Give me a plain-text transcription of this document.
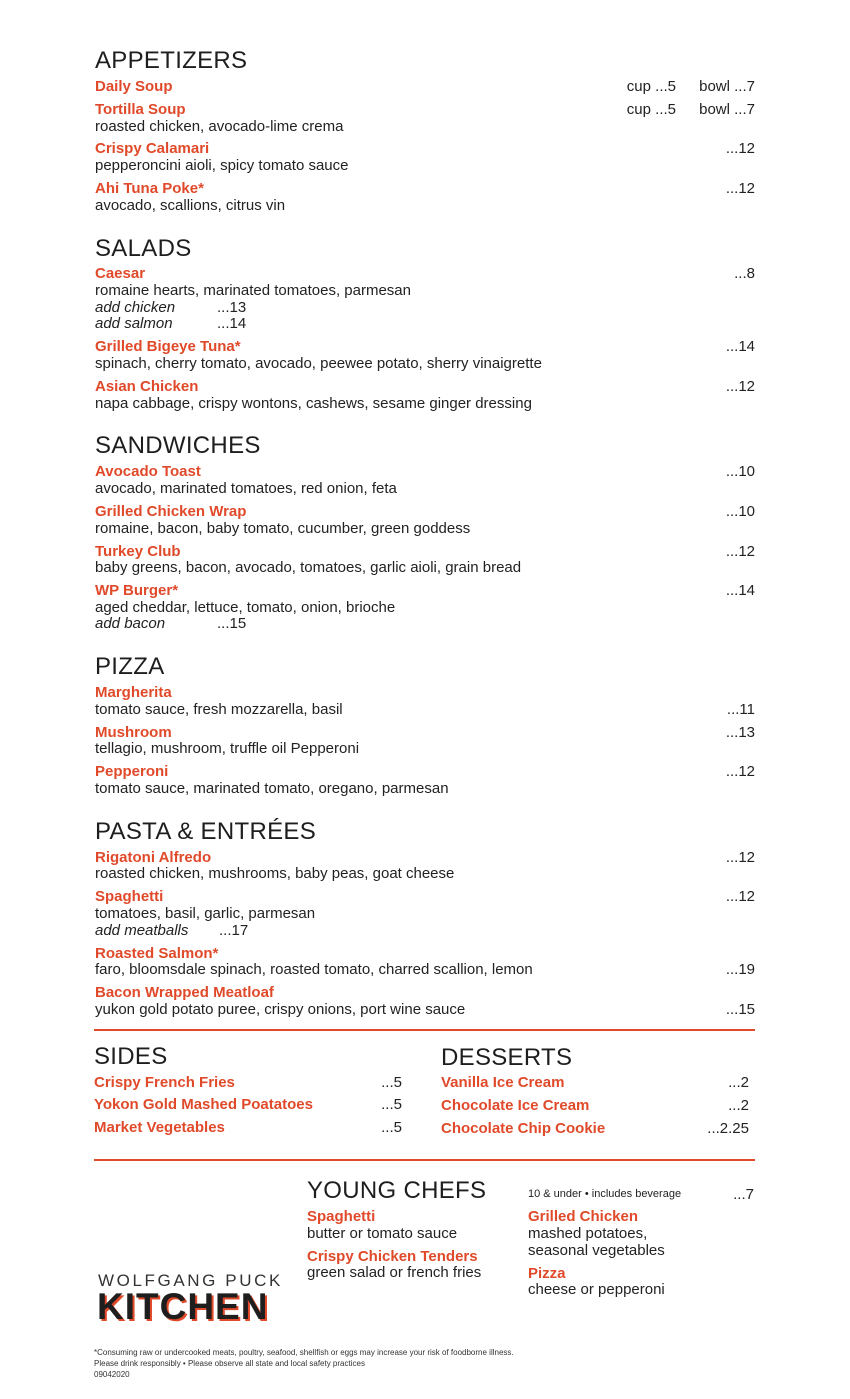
APPETIZERS
Daily Soup	cup ...5	bowl ...7
Tortilla Soup	cup ...5	bowl ...7
roasted chicken, avocado-lime crema
Crispy Calamari	...12
pepperoncini aioli, spicy tomato sauce
Ahi Tuna Poke*	...12
avocado, scallions, citrus vin
SALADS
Caesar	...8
romaine hearts, marinated tomatoes, parmesan
add chicken	...13
add salmon	...14
Grilled Bigeye Tuna*	...14
spinach, cherry tomato, avocado, peewee potato, sherry vinaigrette
Asian Chicken	...12
napa cabbage, crispy wontons, cashews, sesame ginger dressing
SANDWICHES
Avocado Toast	...10
avocado, marinated tomatoes, red onion, feta
Grilled Chicken Wrap	...10
romaine, bacon, baby tomato, cucumber, green goddess
Turkey Club	...12
baby greens, bacon, avocado, tomatoes, garlic aioli, grain bread
WP Burger*	...14
aged cheddar, lettuce, tomato, onion, brioche
add bacon	...15
PIZZA
Margherita
tomato sauce, fresh mozzarella, basil	...11
Mushroom	...13
tellagio, mushroom, truffle oil Pepperoni
Pepperoni	...12
tomato sauce, marinated tomato, oregano, parmesan
PASTA & ENTRÉES
Rigatoni Alfredo	...12
roasted chicken, mushrooms, baby peas, goat cheese
Spaghetti	...12
tomatoes, basil, garlic, parmesan
add meatballs ...17
Roasted Salmon*
faro, bloomsdale spinach, roasted tomato, charred scallion, lemon	...19
Bacon Wrapped Meatloaf
yukon gold potato puree, crispy onions, port wine sauce	...15
SIDES
Crispy French Fries	...5
Yokon Gold Mashed Poatatoes	...5
Market Vegetables	...5
DESSERTS
Vanilla Ice Cream	...2
Chocolate Ice Cream	...2
Chocolate Chip Cookie	...2.25
YOUNG CHEFS	10 & under • includes beverage	...7
Spaghetti
butter or tomato sauce
Crispy Chicken Tenders
green salad or french fries
Grilled Chicken
mashed potatoes,
seasonal vegetables
Pizza
cheese or pepperoni
WOLFGANG PUCK
KITCHEN
*Consuming raw or undercooked meats, poultry, seafood, shellfish or eggs may increase your risk of foodborne illness.
Please drink responsibly • Please observe all state and local safety practices
09042020
